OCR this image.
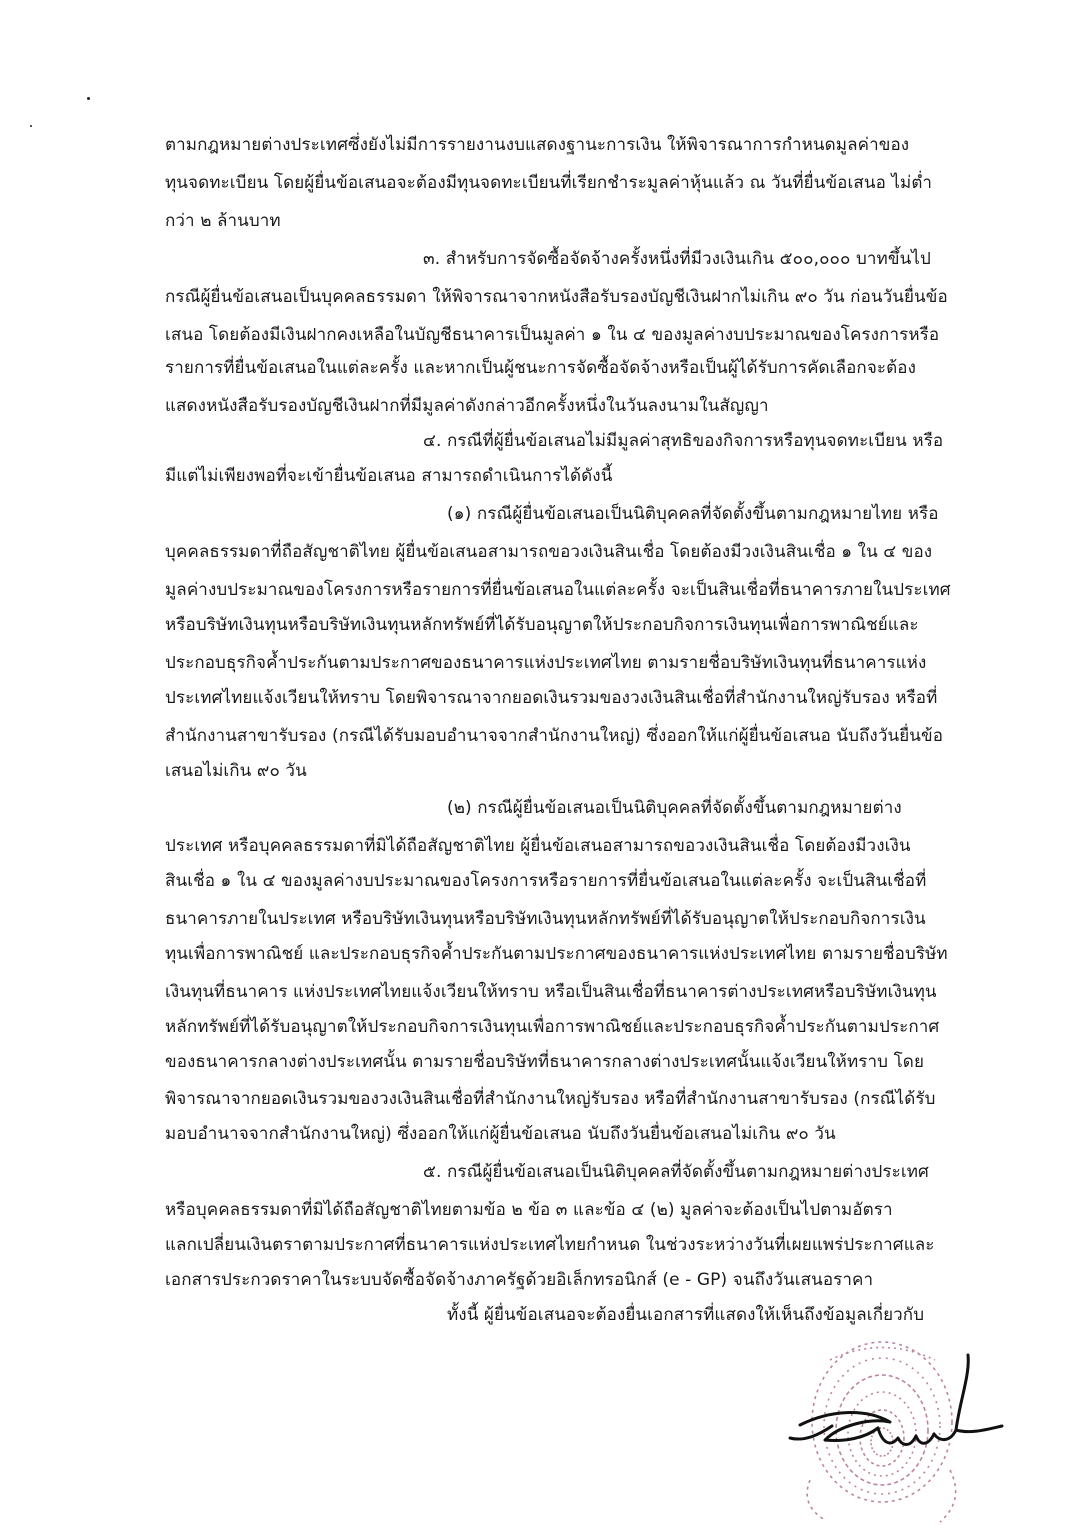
ตามกฎหมายต่างประเทศซึ่งยังไม่มีการรายงานงบแสดงฐานะการเงิน ให้พิจารณาการกำหนดมูลค่าของ
ทุนจดทะเบียน โดยผู้ยื่นข้อเสนอจะต้องมีทุนจดทะเบียนที่เรียกชำระมูลค่าหุ้นแล้ว ณ วันที่ยื่นข้อเสนอ ไม่ต่ำ
กว่า ๒ ล้านบาท
๓. สำหรับการจัดซื้อจัดจ้างครั้งหนึ่งที่มีวงเงินเกิน ๕๐๐,๐๐๐ บาทขึ้นไป
กรณีผู้ยื่นข้อเสนอเป็นบุคคลธรรมดา ให้พิจารณาจากหนังสือรับรองบัญชีเงินฝากไม่เกิน ๙๐ วัน ก่อนวันยื่นข้อ
เสนอ โดยต้องมีเงินฝากคงเหลือในบัญชีธนาคารเป็นมูลค่า ๑ ใน ๔ ของมูลค่างบประมาณของโครงการหรือ
รายการที่ยื่นข้อเสนอในแต่ละครั้ง และหากเป็นผู้ชนะการจัดซื้อจัดจ้างหรือเป็นผู้ได้รับการคัดเลือกจะต้อง
แสดงหนังสือรับรองบัญชีเงินฝากที่มีมูลค่าดังกล่าวอีกครั้งหนึ่งในวันลงนามในสัญญา
๔. กรณีที่ผู้ยื่นข้อเสนอไม่มีมูลค่าสุทธิของกิจการหรือทุนจดทะเบียน หรือ
มีแต่ไม่เพียงพอที่จะเข้ายื่นข้อเสนอ สามารถดำเนินการได้ดังนี้
(๑) กรณีผู้ยื่นข้อเสนอเป็นนิติบุคคลที่จัดตั้งขึ้นตามกฎหมายไทย หรือ
บุคคลธรรมดาที่ถือสัญชาติไทย ผู้ยื่นข้อเสนอสามารถขอวงเงินสินเชื่อ โดยต้องมีวงเงินสินเชื่อ ๑ ใน ๔ ของ
มูลค่างบประมาณของโครงการหรือรายการที่ยื่นข้อเสนอในแต่ละครั้ง จะเป็นสินเชื่อที่ธนาคารภายในประเทศ
หรือบริษัทเงินทุนหรือบริษัทเงินทุนหลักทรัพย์ที่ได้รับอนุญาตให้ประกอบกิจการเงินทุนเพื่อการพาณิชย์และ
ประกอบธุรกิจค้ำประกันตามประกาศของธนาคารแห่งประเทศไทย ตามรายชื่อบริษัทเงินทุนที่ธนาคารแห่ง
ประเทศไทยแจ้งเวียนให้ทราบ โดยพิจารณาจากยอดเงินรวมของวงเงินสินเชื่อที่สำนักงานใหญ่รับรอง หรือที่
สำนักงานสาขารับรอง (กรณีได้รับมอบอำนาจจากสำนักงานใหญ่) ซึ่งออกให้แก่ผู้ยื่นข้อเสนอ นับถึงวันยื่นข้อ
เสนอไม่เกิน ๙๐ วัน
(๒) กรณีผู้ยื่นข้อเสนอเป็นนิติบุคคลที่จัดตั้งขึ้นตามกฎหมายต่าง
ประเทศ หรือบุคคลธรรมดาที่มิได้ถือสัญชาติไทย ผู้ยื่นข้อเสนอสามารถขอวงเงินสินเชื่อ โดยต้องมีวงเงิน
สินเชื่อ ๑ ใน ๔ ของมูลค่างบประมาณของโครงการหรือรายการที่ยื่นข้อเสนอในแต่ละครั้ง จะเป็นสินเชื่อที่
ธนาคารภายในประเทศ หรือบริษัทเงินทุนหรือบริษัทเงินทุนหลักทรัพย์ที่ได้รับอนุญาตให้ประกอบกิจการเงิน
ทุนเพื่อการพาณิชย์ และประกอบธุรกิจค้ำประกันตามประกาศของธนาคารแห่งประเทศไทย ตามรายชื่อบริษัท
เงินทุนที่ธนาคาร แห่งประเทศไทยแจ้งเวียนให้ทราบ หรือเป็นสินเชื่อที่ธนาคารต่างประเทศหรือบริษัทเงินทุน
หลักทรัพย์ที่ได้รับอนุญาตให้ประกอบกิจการเงินทุนเพื่อการพาณิชย์และประกอบธุรกิจค้ำประกันตามประกาศ
ของธนาคารกลางต่างประเทศนั้น ตามรายชื่อบริษัทที่ธนาคารกลางต่างประเทศนั้นแจ้งเวียนให้ทราบ โดย
พิจารณาจากยอดเงินรวมของวงเงินสินเชื่อที่สำนักงานใหญ่รับรอง หรือที่สำนักงานสาขารับรอง (กรณีได้รับ
มอบอำนาจจากสำนักงานใหญ่) ซึ่งออกให้แก่ผู้ยื่นข้อเสนอ นับถึงวันยื่นข้อเสนอไม่เกิน ๙๐ วัน
๕. กรณีผู้ยื่นข้อเสนอเป็นนิติบุคคลที่จัดตั้งขึ้นตามกฎหมายต่างประเทศ
หรือบุคคลธรรมดาที่มิได้ถือสัญชาติไทยตามข้อ ๒ ข้อ ๓ และข้อ ๔ (๒) มูลค่าจะต้องเป็นไปตามอัตรา
แลกเปลี่ยนเงินตราตามประกาศที่ธนาคารแห่งประเทศไทยกำหนด ในช่วงระหว่างวันที่เผยแพร่ประกาศและ
เอกสารประกวดราคาในระบบจัดซื้อจัดจ้างภาครัฐด้วยอิเล็กทรอนิกส์ (e - GP) จนถึงวันเสนอราคา
ทั้งนี้ ผู้ยื่นข้อเสนอจะต้องยื่นเอกสารที่แสดงให้เห็นถึงข้อมูลเกี่ยวกับ
